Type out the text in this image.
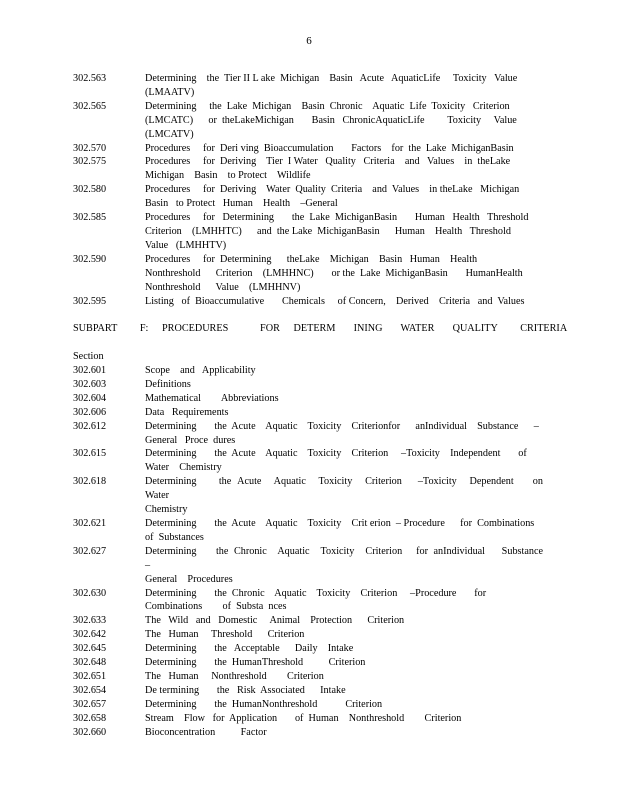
6
302.563	Determining    the  Tier II L ake  Michigan    Basin   Acute   AquaticLife     Toxicity   Value
(LMAATV)
302.565	Determining     the  Lake  Michigan    Basin  Chronic    Aquatic  Life  Toxicity   Criterion
(LMCATC)      or  theLakeMichigan       Basin   ChronicAquaticLife         Toxicity     Value
(LMCATV)
302.570	Procedures     for  Deri ving  Bioaccumulation       Factors    for  the  Lake  MichiganBasin
302.575	Procedures     for  Deriving    Tier  I Water   Quality   Criteria    and   Values    in  theLake
Michigan    Basin    to Protect    Wildlife
302.580	Procedures     for  Deriving    Water  Quality  Criteria    and  Values    in theLake   Michigan
Basin   to Protect   Human    Health    –General
302.585	Procedures     for   Determining       the  Lake  MichiganBasin       Human   Health   Threshold
Criterion    (LMHHTC)      and  the Lake  MichiganBasin      Human    Health   Threshold
Value   (LMHHTV)
302.590	Procedures     for  Determining      theLake    Michigan    Basin   Human    Health
Nonthreshold      Criterion    (LMHHNC)       or the  Lake  MichiganBasin       HumanHealth
Nonthreshold      Value    (LMHHNV)
302.595	Listing   of  Bioaccumulative       Chemicals     of Concern,    Derived    Criteria   and  Values
SUBPART     F:   PROCEDURES       FOR   DETERM    INING    WATER    QUALITY     CRITERIA
Section
302.601	Scope    and   Applicability
302.603	Definitions
302.604	Mathematical        Abbreviations
302.606	Data   Requirements
302.612	Determining       the  Acute    Aquatic    Toxicity    Criterionfor      anIndividual    Substance      –
General   Proce  dures
302.615	Determining       the  Acute    Aquatic    Toxicity    Criterion     –Toxicity    Independent       of
Water    Chemistry
302.618	Determining       the  Acute    Aquatic    Toxicity    Criterion     –Toxicity    Dependent      on Water
Chemistry
302.621	Determining       the  Acute    Aquatic    Toxicity    Crit erion  – Procedure      for  Combinations
of  Substances
302.627	Determining       the  Chronic    Aquatic    Toxicity    Criterion     for  anIndividual      Substance      –
General    Procedures
302.630	Determining       the  Chronic    Aquatic    Toxicity    Criterion     –Procedure       for
Combinations        of  Substa  nces
302.633	The   Wild   and   Domestic     Animal    Protection      Criterion
302.642	The   Human     Threshold      Criterion
302.645	Determining       the   Acceptable      Daily    Intake
302.648	Determining       the  HumanThreshold          Criterion
302.651	The   Human     Nonthreshold        Criterion
302.654	De termining       the   Risk  Associated      Intake
302.657	Determining       the  HumanNonthreshold           Criterion
302.658	Stream    Flow   for  Application       of  Human    Nonthreshold        Criterion
302.660	Bioconcentration          Factor
